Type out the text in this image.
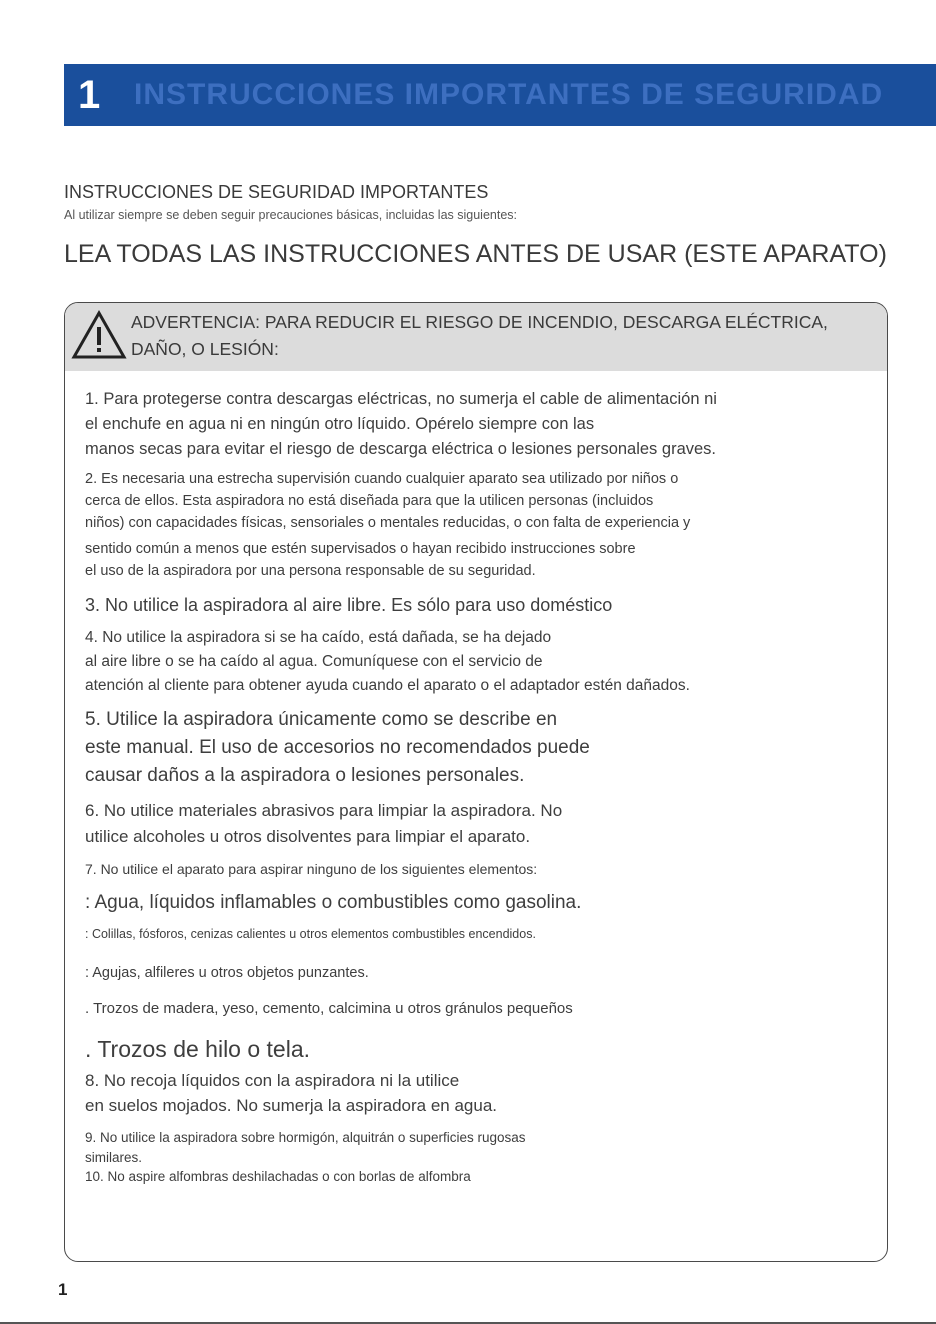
1	INSTRUCCIONES IMPORTANTES DE SEGURIDAD
INSTRUCCIONES DE SEGURIDAD IMPORTANTES
Al utilizar siempre se deben seguir precauciones básicas, incluidas las siguientes:
LEA TODAS LAS INSTRUCCIONES ANTES DE USAR (ESTE APARATO)
ADVERTENCIA: PARA REDUCIR EL RIESGO DE INCENDIO, DESCARGA ELÉCTRICA,
DAÑO, O LESIÓN:
1. Para protegerse contra descargas eléctricas, no sumerja el cable de alimentación ni
el enchufe en agua ni en ningún otro líquido. Opérelo siempre con las
manos secas para evitar el riesgo de descarga eléctrica o lesiones personales graves.
2. Es necesaria una estrecha supervisión cuando cualquier aparato sea utilizado por niños o
cerca de ellos. Esta aspiradora no está diseñada para que la utilicen personas (incluidos
niños) con capacidades físicas, sensoriales o mentales reducidas, o con falta de experiencia y
sentido común a menos que estén supervisados o hayan recibido instrucciones sobre
el uso de la aspiradora por una persona responsable de su seguridad.
3. No utilice la aspiradora al aire libre. Es sólo para uso doméstico
4. No utilice la aspiradora si se ha caído, está dañada, se ha dejado
al aire libre o se ha caído al agua. Comuníquese con el servicio de
atención al cliente para obtener ayuda cuando el aparato o el adaptador estén dañados.
5. Utilice la aspiradora únicamente como se describe en
este manual. El uso de accesorios no recomendados puede
causar daños a la aspiradora o lesiones personales.
6. No utilice materiales abrasivos para limpiar la aspiradora. No
utilice alcoholes u otros disolventes para limpiar el aparato.
7. No utilice el aparato para aspirar ninguno de los siguientes elementos:
: Agua, líquidos inflamables o combustibles como gasolina.
: Colillas, fósforos, cenizas calientes u otros elementos combustibles encendidos.
: Agujas, alfileres u otros objetos punzantes.
. Trozos de madera, yeso, cemento, calcimina u otros gránulos pequeños
. Trozos de hilo o tela.
8. No recoja líquidos con la aspiradora ni la utilice
en suelos mojados. No sumerja la aspiradora en agua.
9. No utilice la aspiradora sobre hormigón, alquitrán o superficies rugosas
similares.
10. No aspire alfombras deshilachadas o con borlas de alfombra
1
